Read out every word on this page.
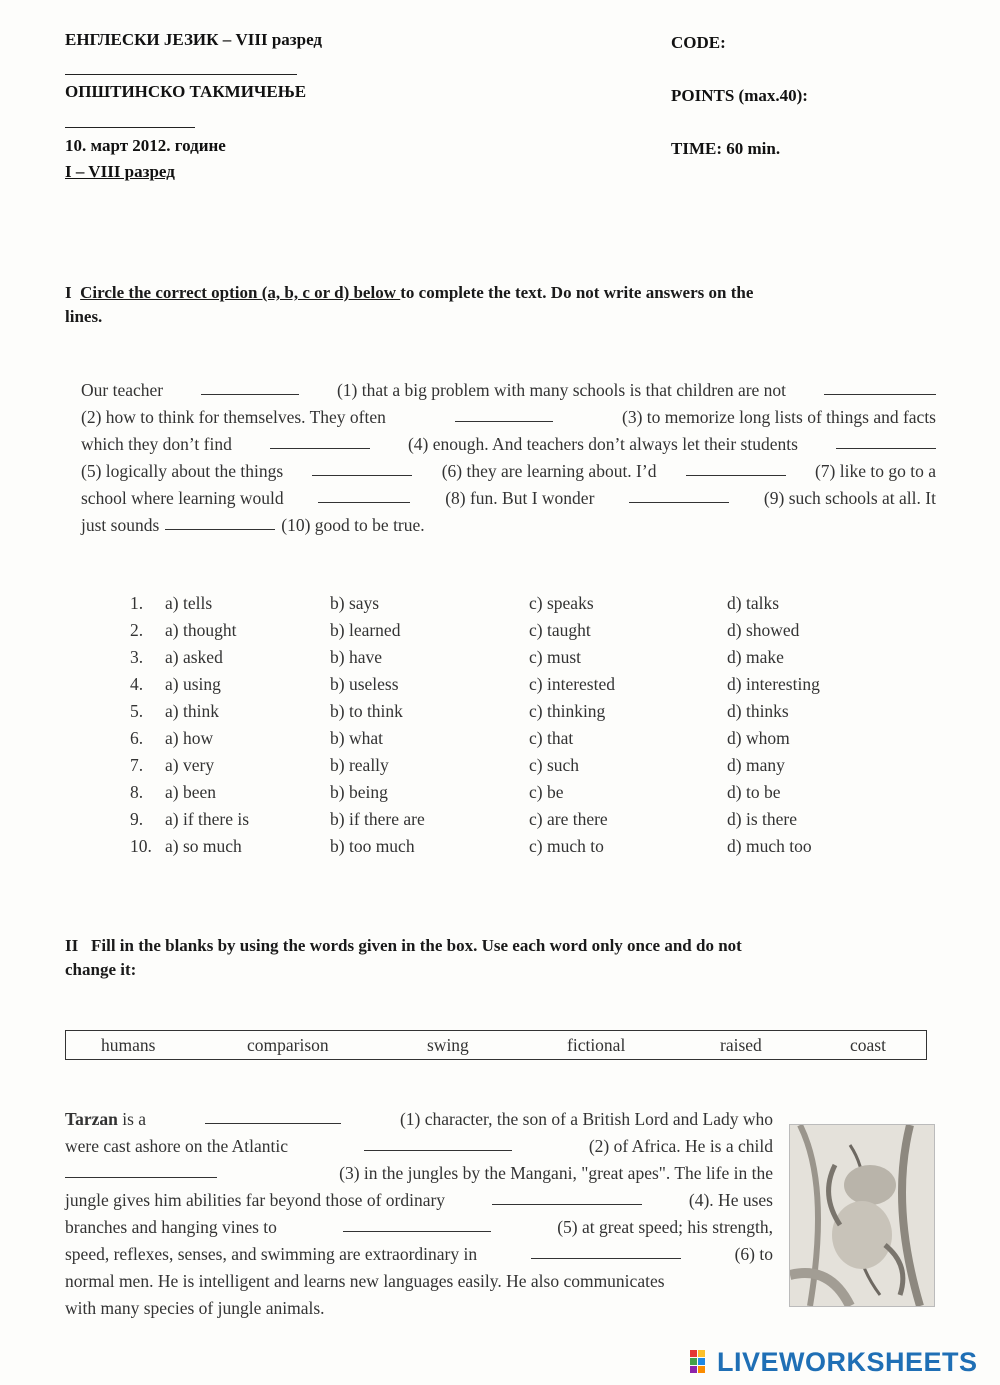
ЕНГЛЕСКИ ЈЕЗИК – VIII разред
ОПШТИНСКО ТАКМИЧЕЊЕ
10. март 2012. године
I – VIII разред
CODE:
POINTS (max.40):
TIME: 60 min.
I Circle the correct option (a, b, c or d) below to complete the text. Do not write answers on the
lines.
Our teacher	(1) that a big problem with many schools is that children are not
(2) how to think for themselves. They often	(3) to memorize long lists of things and facts
which they don’t find	(4) enough. And teachers don’t always let their students
(5) logically about the things	(6) they are learning about. I’d	(7) like to go to a
school where learning would	(8) fun. But I wonder	(9) such schools at all. It
just sounds	(10) good to be true.
1. a) tells	b) says	c) speaks	d) talks
2. a) thought	b) learned	c) taught	d) showed
3. a) asked	b) have	c) must	d) make
4. a) using	b) useless	c) interested	d) interesting
5. a) think	b) to think	c) thinking	d) thinks
6. a) how	b) what	c) that	d) whom
7. a) very	b) really	c) such	d) many
8. a) been	b) being	c) be	d) to be
9. a) if there is	b) if there are	c) are there	d) is there
10. a) so much	b) too much	c) much to	d) much too
II Fill in the blanks by using the words given in the box. Use each word only once and do not
change it:
humans	comparison	swing	fictional	raised	coast
Tarzan is a	(1) character, the son of a British Lord and Lady who
were cast ashore on the Atlantic	(2) of Africa. He is a child
(3) in the jungles by the Mangani, "great apes". The life in the
jungle gives him abilities far beyond those of ordinary	(4). He uses
branches and hanging vines to	(5) at great speed; his strength,
speed, reflexes, senses, and swimming are extraordinary in	(6) to
normal men. He is intelligent and learns new languages easily. He also communicates
with many species of jungle animals.
LIVEWORKSHEETS
